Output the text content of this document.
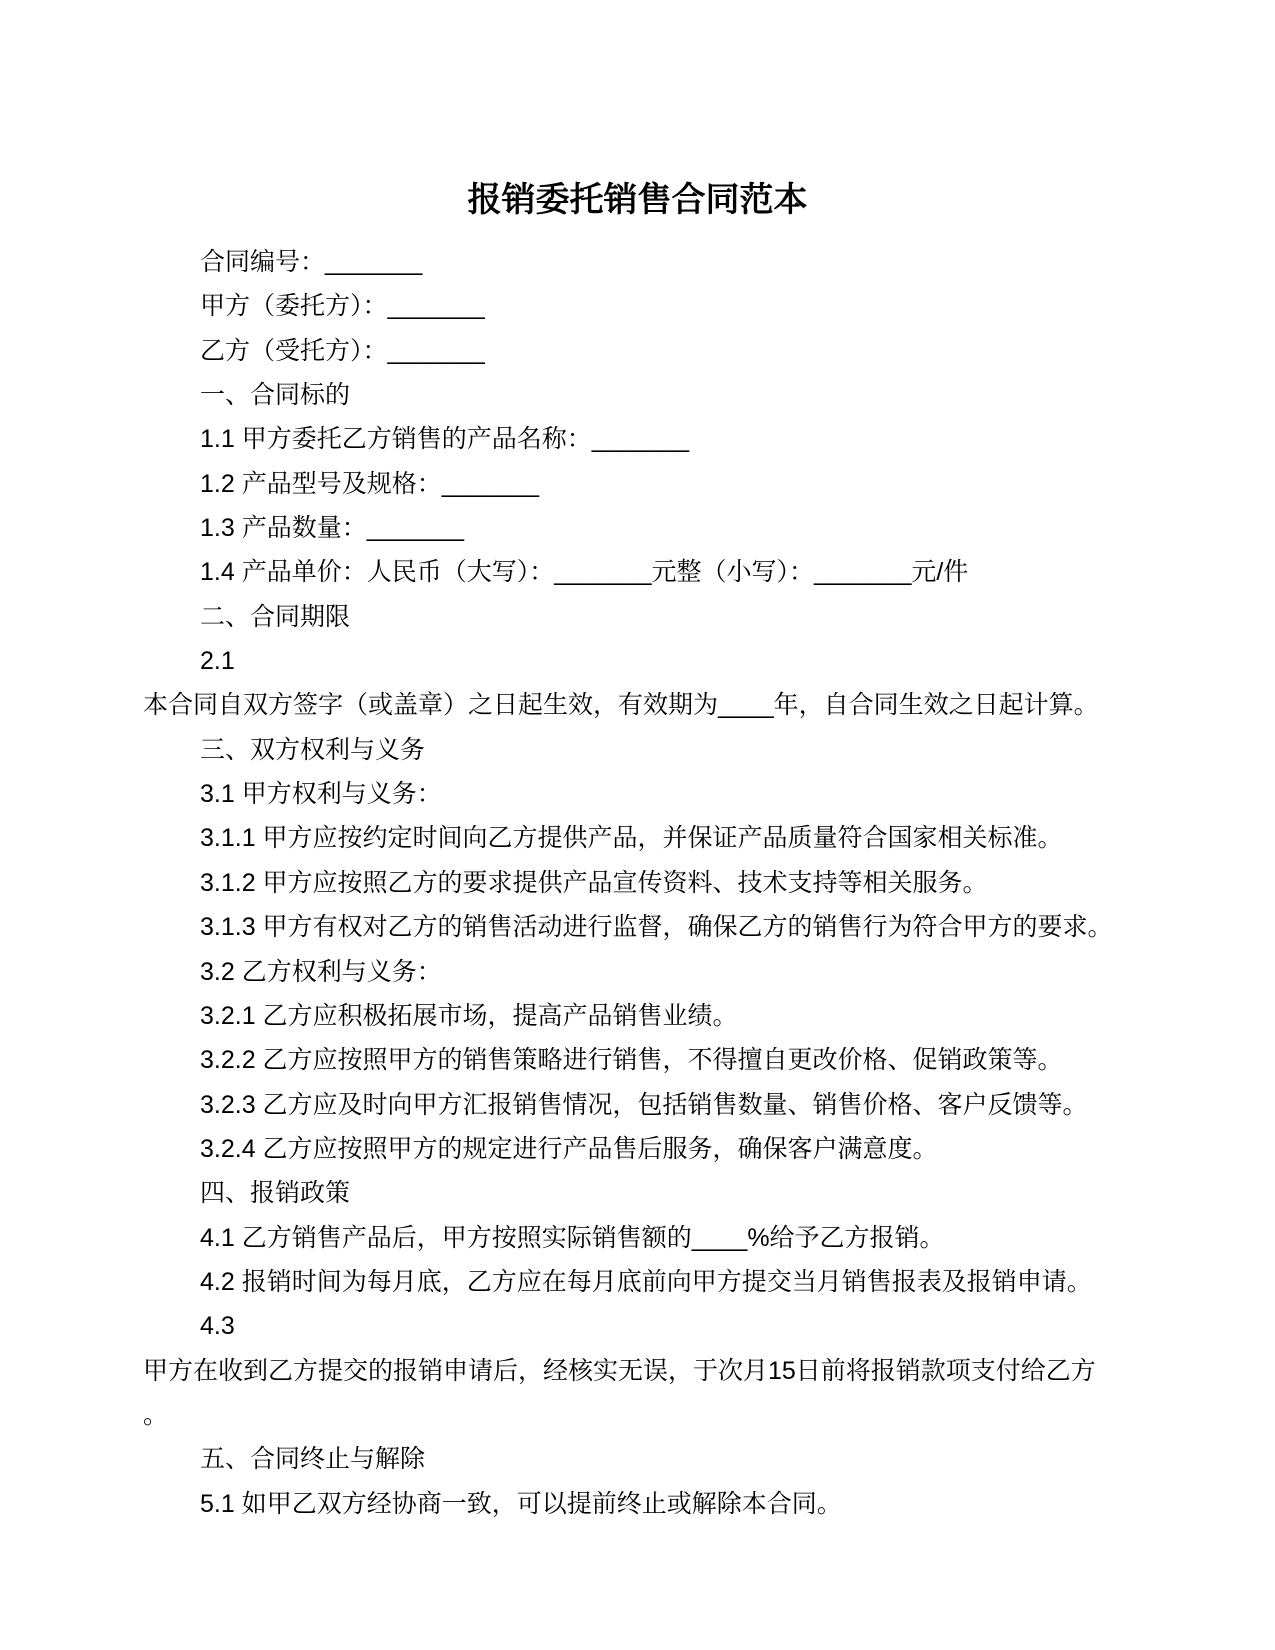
报销委托销售合同范本
合同编号：_______
甲方（委托方）：_______
乙方（受托方）：_______
一、合同标的
1.1 甲方委托乙方销售的产品名称：_______
1.2 产品型号及规格：_______
1.3 产品数量：_______
1.4 产品单价：人民币（大写）：_______元整（小写）：_______元/件
二、合同期限
2.1
本合同自双方签字（或盖章）之日起生效，有效期为____年，自合同生效之日起计算。
三、双方权利与义务
3.1 甲方权利与义务：
3.1.1 甲方应按约定时间向乙方提供产品，并保证产品质量符合国家相关标准。
3.1.2 甲方应按照乙方的要求提供产品宣传资料、技术支持等相关服务。
3.1.3 甲方有权对乙方的销售活动进行监督，确保乙方的销售行为符合甲方的要求。
3.2 乙方权利与义务：
3.2.1 乙方应积极拓展市场，提高产品销售业绩。
3.2.2 乙方应按照甲方的销售策略进行销售，不得擅自更改价格、促销政策等。
3.2.3 乙方应及时向甲方汇报销售情况，包括销售数量、销售价格、客户反馈等。
3.2.4 乙方应按照甲方的规定进行产品售后服务，确保客户满意度。
四、报销政策
4.1 乙方销售产品后，甲方按照实际销售额的____%给予乙方报销。
4.2 报销时间为每月底，乙方应在每月底前向甲方提交当月销售报表及报销申请。
4.3
甲方在收到乙方提交的报销申请后，经核实无误，于次月15日前将报销款项支付给乙方
。
五、合同终止与解除
5.1 如甲乙双方经协商一致，可以提前终止或解除本合同。
